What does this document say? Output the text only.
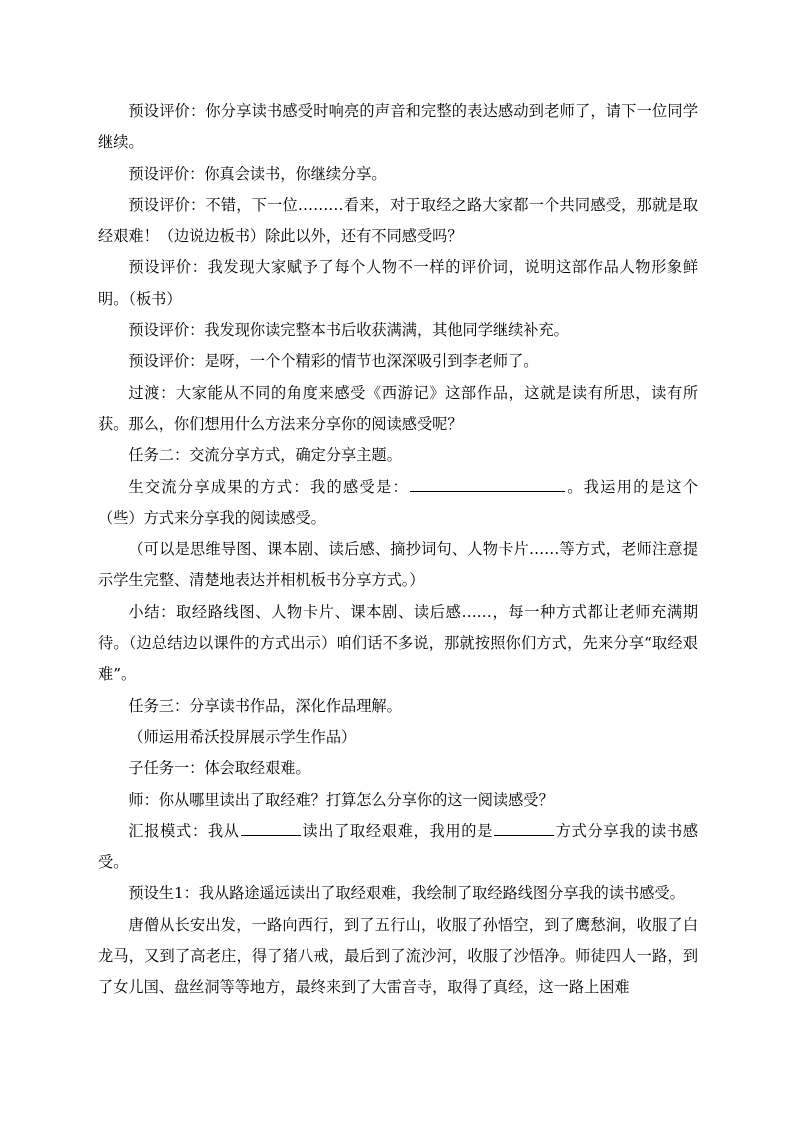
预设评价：你分享读书感受时响亮的声音和完整的表达感动到老师了，请下一位同学继续。

预设评价：你真会读书，你继续分享。

预设评价：不错，下一位………看来，对于取经之路大家都一个共同感受，那就是取经艰难！（边说边板书）除此以外，还有不同感受吗？

预设评价：我发现大家赋予了每个人物不一样的评价词，说明这部作品人物形象鲜明。（板书）

预设评价：我发现你读完整本书后收获满满，其他同学继续补充。

预设评价：是呀，一个个精彩的情节也深深吸引到李老师了。

过渡：大家能从不同的角度来感受《西游记》这部作品，这就是读有所思，读有所获。那么，你们想用什么方法来分享你的阅读感受呢？

任务二：交流分享方式，确定分享主题。

生交流分享成果的方式：我的感受是：	。我运用的是这个（些）方式来分享我的阅读感受。

（可以是思维导图、课本剧、读后感、摘抄词句、人物卡片……等方式，老师注意提示学生完整、清楚地表达并相机板书分享方式。）

小结：取经路线图、人物卡片、课本剧、读后感……，每一种方式都让老师充满期待。（边总结边以课件的方式出示）咱们话不多说，那就按照你们方式，先来分享“取经艰难”。

任务三：分享读书作品，深化作品理解。

（师运用希沃投屏展示学生作品）

子任务一：体会取经艰难。

师：你从哪里读出了取经难？打算怎么分享你的这一阅读感受？

汇报模式：我从	读出了取经艰难，我用的是	方式分享我的读书感受。

预设生1：我从路途遥远读出了取经艰难，我绘制了取经路线图分享我的读书感受。

唐僧从长安出发，一路向西行，到了五行山，收服了孙悟空，到了鹰愁涧，收服了白龙马，又到了高老庄，得了猪八戒，最后到了流沙河，收服了沙悟净。师徒四人一路，到了女儿国、盘丝洞等等地方，最终来到了大雷音寺，取得了真经，这一路上困难
